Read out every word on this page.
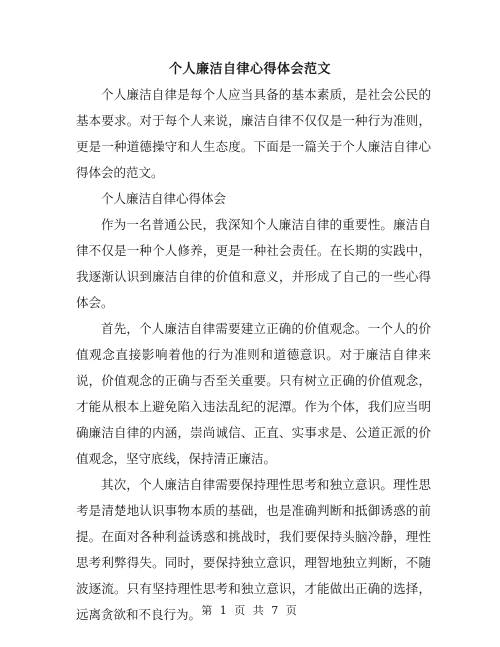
个人廉洁自律心得体会范文

个人廉洁自律是每个人应当具备的基本素质，是社会公民的基本要求。对于每个人来说，廉洁自律不仅仅是一种行为准则，更是一种道德操守和人生态度。下面是一篇关于个人廉洁自律心得体会的范文。

个人廉洁自律心得体会

作为一名普通公民，我深知个人廉洁自律的重要性。廉洁自律不仅是一种个人修养，更是一种社会责任。在长期的实践中，我逐渐认识到廉洁自律的价值和意义，并形成了自己的一些心得体会。

首先，个人廉洁自律需要建立正确的价值观念。一个人的价值观念直接影响着他的行为准则和道德意识。对于廉洁自律来说，价值观念的正确与否至关重要。只有树立正确的价值观念，才能从根本上避免陷入违法乱纪的泥潭。作为个体，我们应当明确廉洁自律的内涵，崇尚诚信、正直、实事求是、公道正派的价值观念，坚守底线，保持清正廉洁。

其次，个人廉洁自律需要保持理性思考和独立意识。理性思考是清楚地认识事物本质的基础，也是准确判断和抵御诱惑的前提。在面对各种利益诱惑和挑战时，我们要保持头脑冷静，理性思考利弊得失。同时，要保持独立意识，理智地独立判断，不随波逐流。只有坚持理性思考和独立意识，才能做出正确的选择，远离贪欲和不良行为。 第 1 页 共 7 页
